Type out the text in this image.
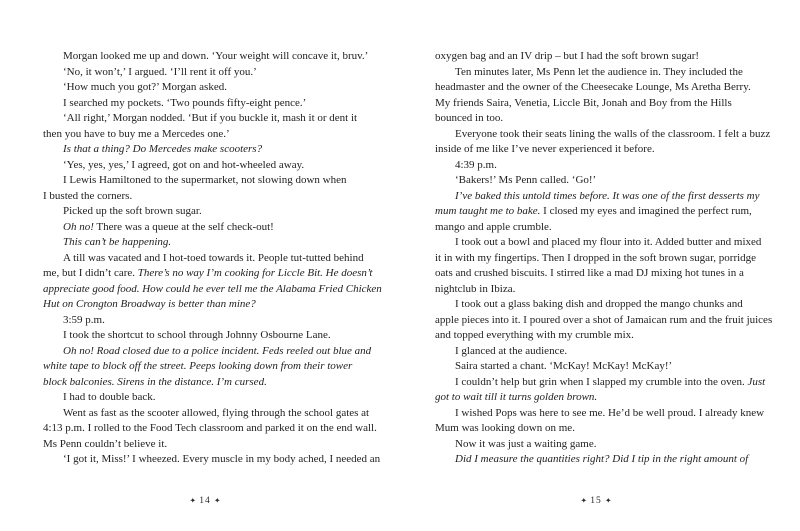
Morgan looked me up and down. ‘Your weight will concave it, bruv.’
‘No, it won’t,’ I argued. ‘I’ll rent it off you.’
‘How much you got?’ Morgan asked.
I searched my pockets. ‘Two pounds fifty-eight pence.’
‘All right,’ Morgan nodded. ‘But if you buckle it, mash it or dent it
then you have to buy me a Mercedes one.’
Is that a thing? Do Mercedes make scooters?
‘Yes, yes, yes,’ I agreed, got on and hot-wheeled away.
I Lewis Hamiltoned to the supermarket, not slowing down when
I busted the corners.
Picked up the soft brown sugar.
Oh no! There was a queue at the self check-out!
This can’t be happening.
A till was vacated and I hot-toed towards it. People tut-tutted behind
me, but I didn’t care. There’s no way I’m cooking for Liccle Bit. He doesn’t
appreciate good food. How could he ever tell me the Alabama Fried Chicken
Hut on Crongton Broadway is better than mine?
3:59 p.m.
I took the shortcut to school through Johnny Osbourne Lane.
Oh no! Road closed due to a police incident. Feds reeled out blue and
white tape to block off the street. Peeps looking down from their tower
block balconies. Sirens in the distance. I’m cursed.
I had to double back.
Went as fast as the scooter allowed, flying through the school gates at
4:13 p.m. I rolled to the Food Tech classroom and parked it on the end wall.
Ms Penn couldn’t believe it.
‘I got it, Miss!’ I wheezed. Every muscle in my body ached, I needed an
oxygen bag and an IV drip – but I had the soft brown sugar!
Ten minutes later, Ms Penn let the audience in. They included the
headmaster and the owner of the Cheesecake Lounge, Ms Aretha Berry.
My friends Saira, Venetia, Liccle Bit, Jonah and Boy from the Hills
bounced in too.
Everyone took their seats lining the walls of the classroom. I felt a buzz
inside of me like I’ve never experienced it before.
4:39 p.m.
‘Bakers!’ Ms Penn called. ‘Go!’
I’ve baked this untold times before. It was one of the first desserts my
mum taught me to bake. I closed my eyes and imagined the perfect rum,
mango and apple crumble.
I took out a bowl and placed my flour into it. Added butter and mixed
it in with my fingertips. Then I dropped in the soft brown sugar, porridge
oats and crushed biscuits. I stirred like a mad DJ mixing hot tunes in a
nightclub in Ibiza.
I took out a glass baking dish and dropped the mango chunks and
apple pieces into it. I poured over a shot of Jamaican rum and the fruit juices
and topped everything with my crumble mix.
I glanced at the audience.
Saira started a chant. ‘McKay! McKay! McKay!’
I couldn’t help but grin when I slapped my crumble into the oven. Just
got to wait till it turns golden brown.
I wished Pops was here to see me. He’d be well proud. I already knew
Mum was looking down on me.
Now it was just a waiting game.
Did I measure the quantities right? Did I tip in the right amount of
✦ 14 ✦	✦ 15 ✦
